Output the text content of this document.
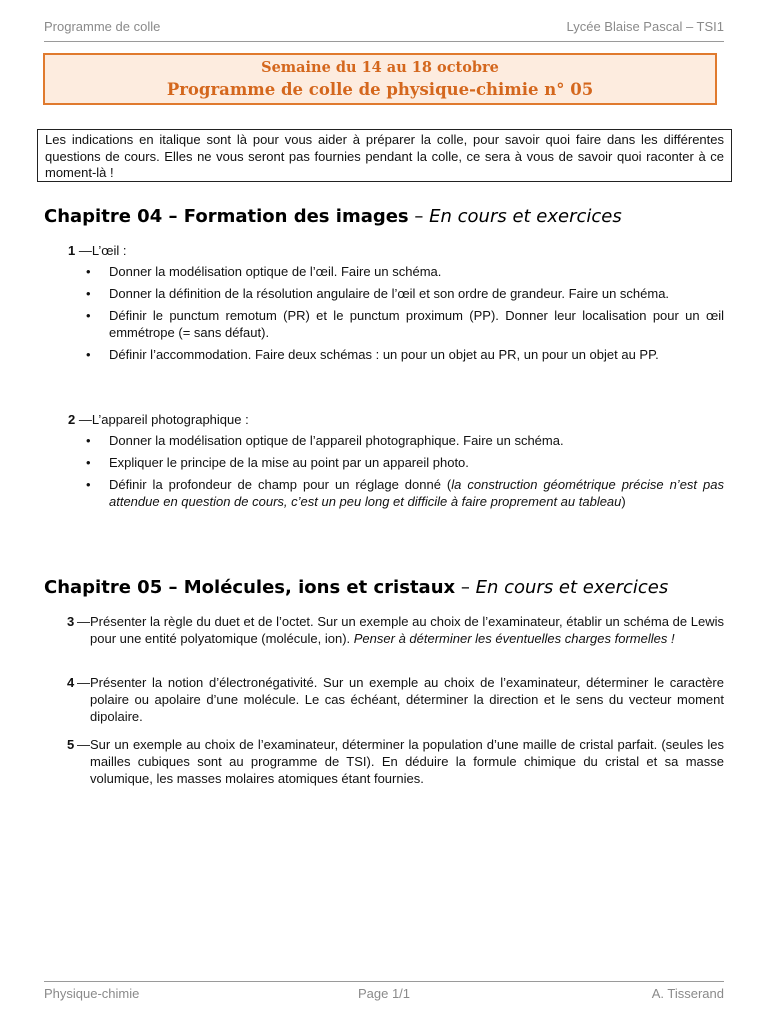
Programme de colle	Lycée Blaise Pascal – TSI1
Semaine du 14 au 18 octobre
Programme de colle de physique-chimie n° 05
Les indications en italique sont là pour vous aider à préparer la colle, pour savoir quoi faire dans les différentes questions de cours. Elles ne vous seront pas fournies pendant la colle, ce sera à vous de savoir quoi raconter à ce moment-là !
Chapitre 04 – Formation des images – En cours et exercices
1 —L’œil :
• Donner la modélisation optique de l’œil. Faire un schéma.
• Donner la définition de la résolution angulaire de l’œil et son ordre de grandeur. Faire un schéma.
• Définir le punctum remotum (PR) et le punctum proximum (PP). Donner leur localisation pour un œil emmétrope (= sans défaut).
• Définir l’accommodation. Faire deux schémas : un pour un objet au PR, un pour un objet au PP.
2 —L’appareil photographique :
• Donner la modélisation optique de l’appareil photographique. Faire un schéma.
• Expliquer le principe de la mise au point par un appareil photo.
• Définir la profondeur de champ pour un réglage donné (la construction géométrique précise n’est pas attendue en question de cours, c’est un peu long et difficile à faire proprement au tableau)
Chapitre 05 – Molécules, ions et cristaux – En cours et exercices
3 — Présenter la règle du duet et de l’octet. Sur un exemple au choix de l’examinateur, établir un schéma de Lewis pour une entité polyatomique (molécule, ion). Penser à déterminer les éventuelles charges formelles !
4 — Présenter la notion d’électronégativité. Sur un exemple au choix de l’examinateur, déterminer le caractère polaire ou apolaire d’une molécule. Le cas échéant, déterminer la direction et le sens du vecteur moment dipolaire.
5 — Sur un exemple au choix de l’examinateur, déterminer la population d’une maille de cristal parfait. (seules les mailles cubiques sont au programme de TSI). En déduire la formule chimique du cristal et sa masse volumique, les masses molaires atomiques étant fournies.
Physique-chimie	Page 1/1	A. Tisserand
